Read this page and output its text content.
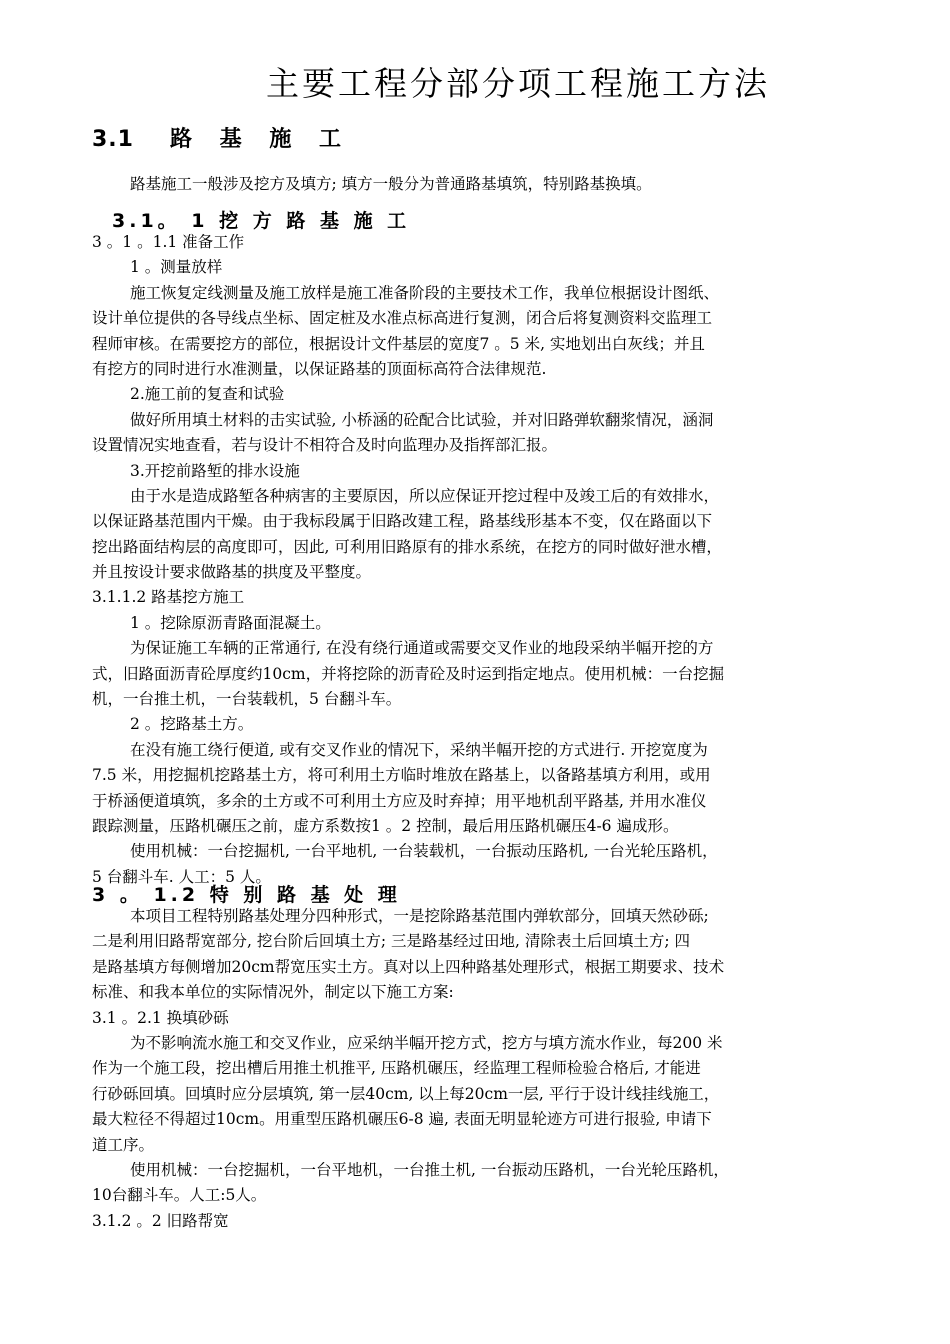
主要工程分部分项工程施工方法
3.1 路 基 施 工
路基施工一般涉及挖方及填方; 填方一般分为普通路基填筑，特别路基换填。
3.1。 1 挖 方 路 基 施 工
3 。1 。1.1 准备工作
1 。测量放样
施工恢复定线测量及施工放样是施工准备阶段的主要技术工作，我单位根据设计图纸、
设计单位提供的各导线点坐标、固定桩及水准点标高进行复测，闭合后将复测资料交监理工
程师审核。在需要挖方的部位，根据设计文件基层的宽度7 。5 米, 实地划出白灰线；并且
有挖方的同时进行水准测量，以保证路基的顶面标高符合法律规范.
2.施工前的复查和试验
做好所用填土材料的击实试验, 小桥涵的砼配合比试验，并对旧路弹软翻浆情况，涵洞
设置情况实地查看，若与设计不相符合及时向监理办及指挥部汇报。
3.开挖前路堑的排水设施
由于水是造成路堑各种病害的主要原因，所以应保证开挖过程中及竣工后的有效排水，
以保证路基范围内干燥。由于我标段属于旧路改建工程，路基线形基本不变，仅在路面以下
挖出路面结构层的高度即可，因此, 可利用旧路原有的排水系统，在挖方的同时做好泄水槽，
并且按设计要求做路基的拱度及平整度。
3.1.1.2 路基挖方施工
1 。挖除原沥青路面混凝土。
为保证施工车辆的正常通行, 在没有绕行通道或需要交叉作业的地段采纳半幅开挖的方
式，旧路面沥青砼厚度约10cm，并将挖除的沥青砼及时运到指定地点。使用机械：一台挖掘
机，一台推土机，一台装载机，5 台翻斗车。
2 。挖路基土方。
在没有施工绕行便道, 或有交叉作业的情况下，采纳半幅开挖的方式进行. 开挖宽度为
7.5 米，用挖掘机挖路基土方，将可利用土方临时堆放在路基上，以备路基填方利用，或用
于桥涵便道填筑，多余的土方或不可利用土方应及时弃掉；用平地机刮平路基, 并用水准仪
跟踪测量，压路机碾压之前，虚方系数按1 。2 控制，最后用压路机碾压4-6 遍成形。
使用机械：一台挖掘机, 一台平地机, 一台装载机，一台振动压路机, 一台光轮压路机，
5 台翻斗车. 人工：5 人。
3 。 1.2 特 别 路 基 处 理
本项目工程特别路基处理分四种形式，一是挖除路基范围内弹软部分，回填天然砂砾;
二是利用旧路帮宽部分, 挖台阶后回填土方; 三是路基经过田地, 清除表土后回填土方; 四
是路基填方每侧增加20cm帮宽压实土方。真对以上四种路基处理形式，根据工期要求、技术
标准、和我本单位的实际情况外，制定以下施工方案:
3.1 。2.1 换填砂砾
为不影响流水施工和交叉作业，应采纳半幅开挖方式，挖方与填方流水作业，每200 米
作为一个施工段，挖出槽后用推土机推平, 压路机碾压，经监理工程师检验合格后, 才能进
行砂砾回填。回填时应分层填筑, 第一层40cm, 以上每20cm一层, 平行于设计线挂线施工，
最大粒径不得超过10cm。用重型压路机碾压6-8 遍, 表面无明显轮迹方可进行报验, 申请下
道工序。
使用机械：一台挖掘机，一台平地机，一台推土机, 一台振动压路机，一台光轮压路机，
10台翻斗车。人工:5人。
3.1.2 。2 旧路帮宽
